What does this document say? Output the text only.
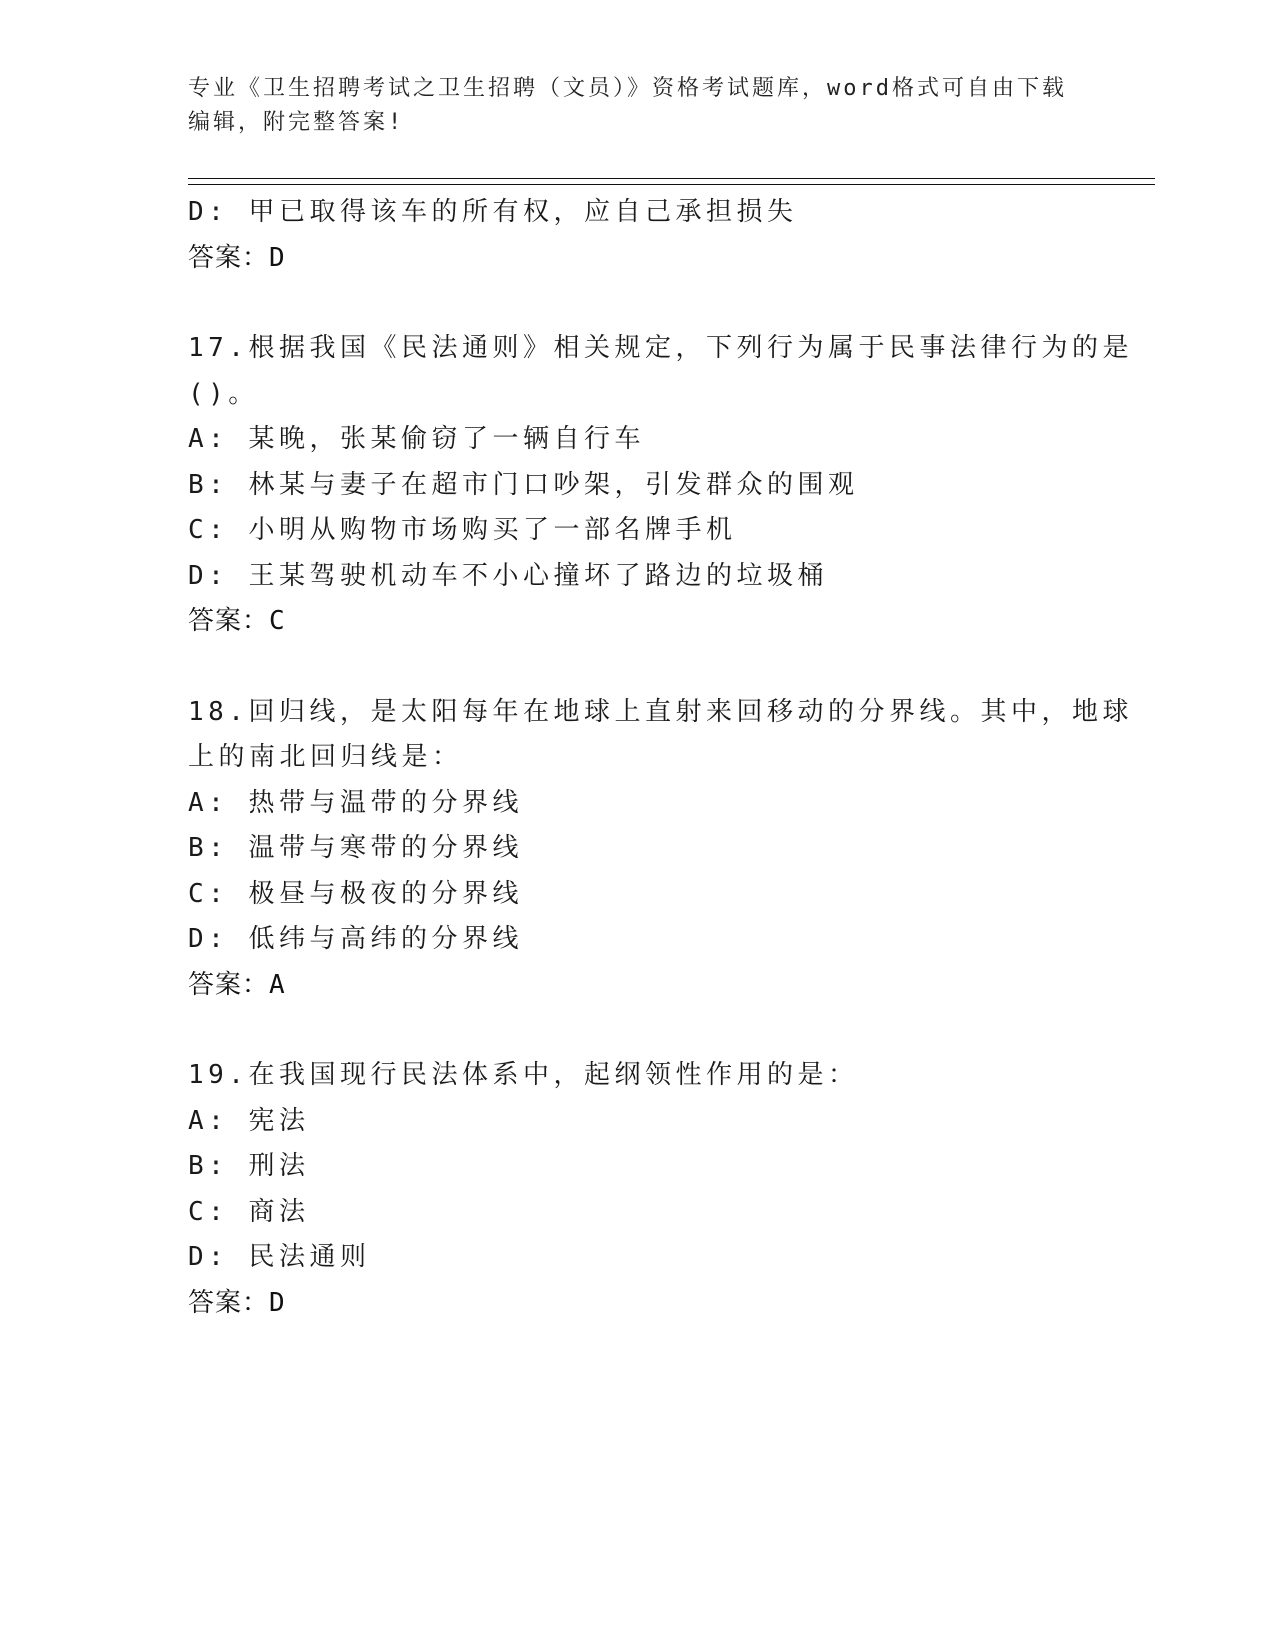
专业《卫生招聘考试之卫生招聘（文员）》资格考试题库，word格式可自由下载
编辑，附完整答案!
D: 甲已取得该车的所有权，应自己承担损失
答案：D
17.根据我国《民法通则》相关规定，下列行为属于民事法律行为的是
()。
A: 某晚，张某偷窃了一辆自行车
B: 林某与妻子在超市门口吵架，引发群众的围观
C: 小明从购物市场购买了一部名牌手机
D: 王某驾驶机动车不小心撞坏了路边的垃圾桶
答案：C
18.回归线，是太阳每年在地球上直射来回移动的分界线。其中，地球
上的南北回归线是：
A: 热带与温带的分界线
B: 温带与寒带的分界线
C: 极昼与极夜的分界线
D: 低纬与高纬的分界线
答案：A
19.在我国现行民法体系中，起纲领性作用的是：
A: 宪法
B: 刑法
C: 商法
D: 民法通则
答案：D
